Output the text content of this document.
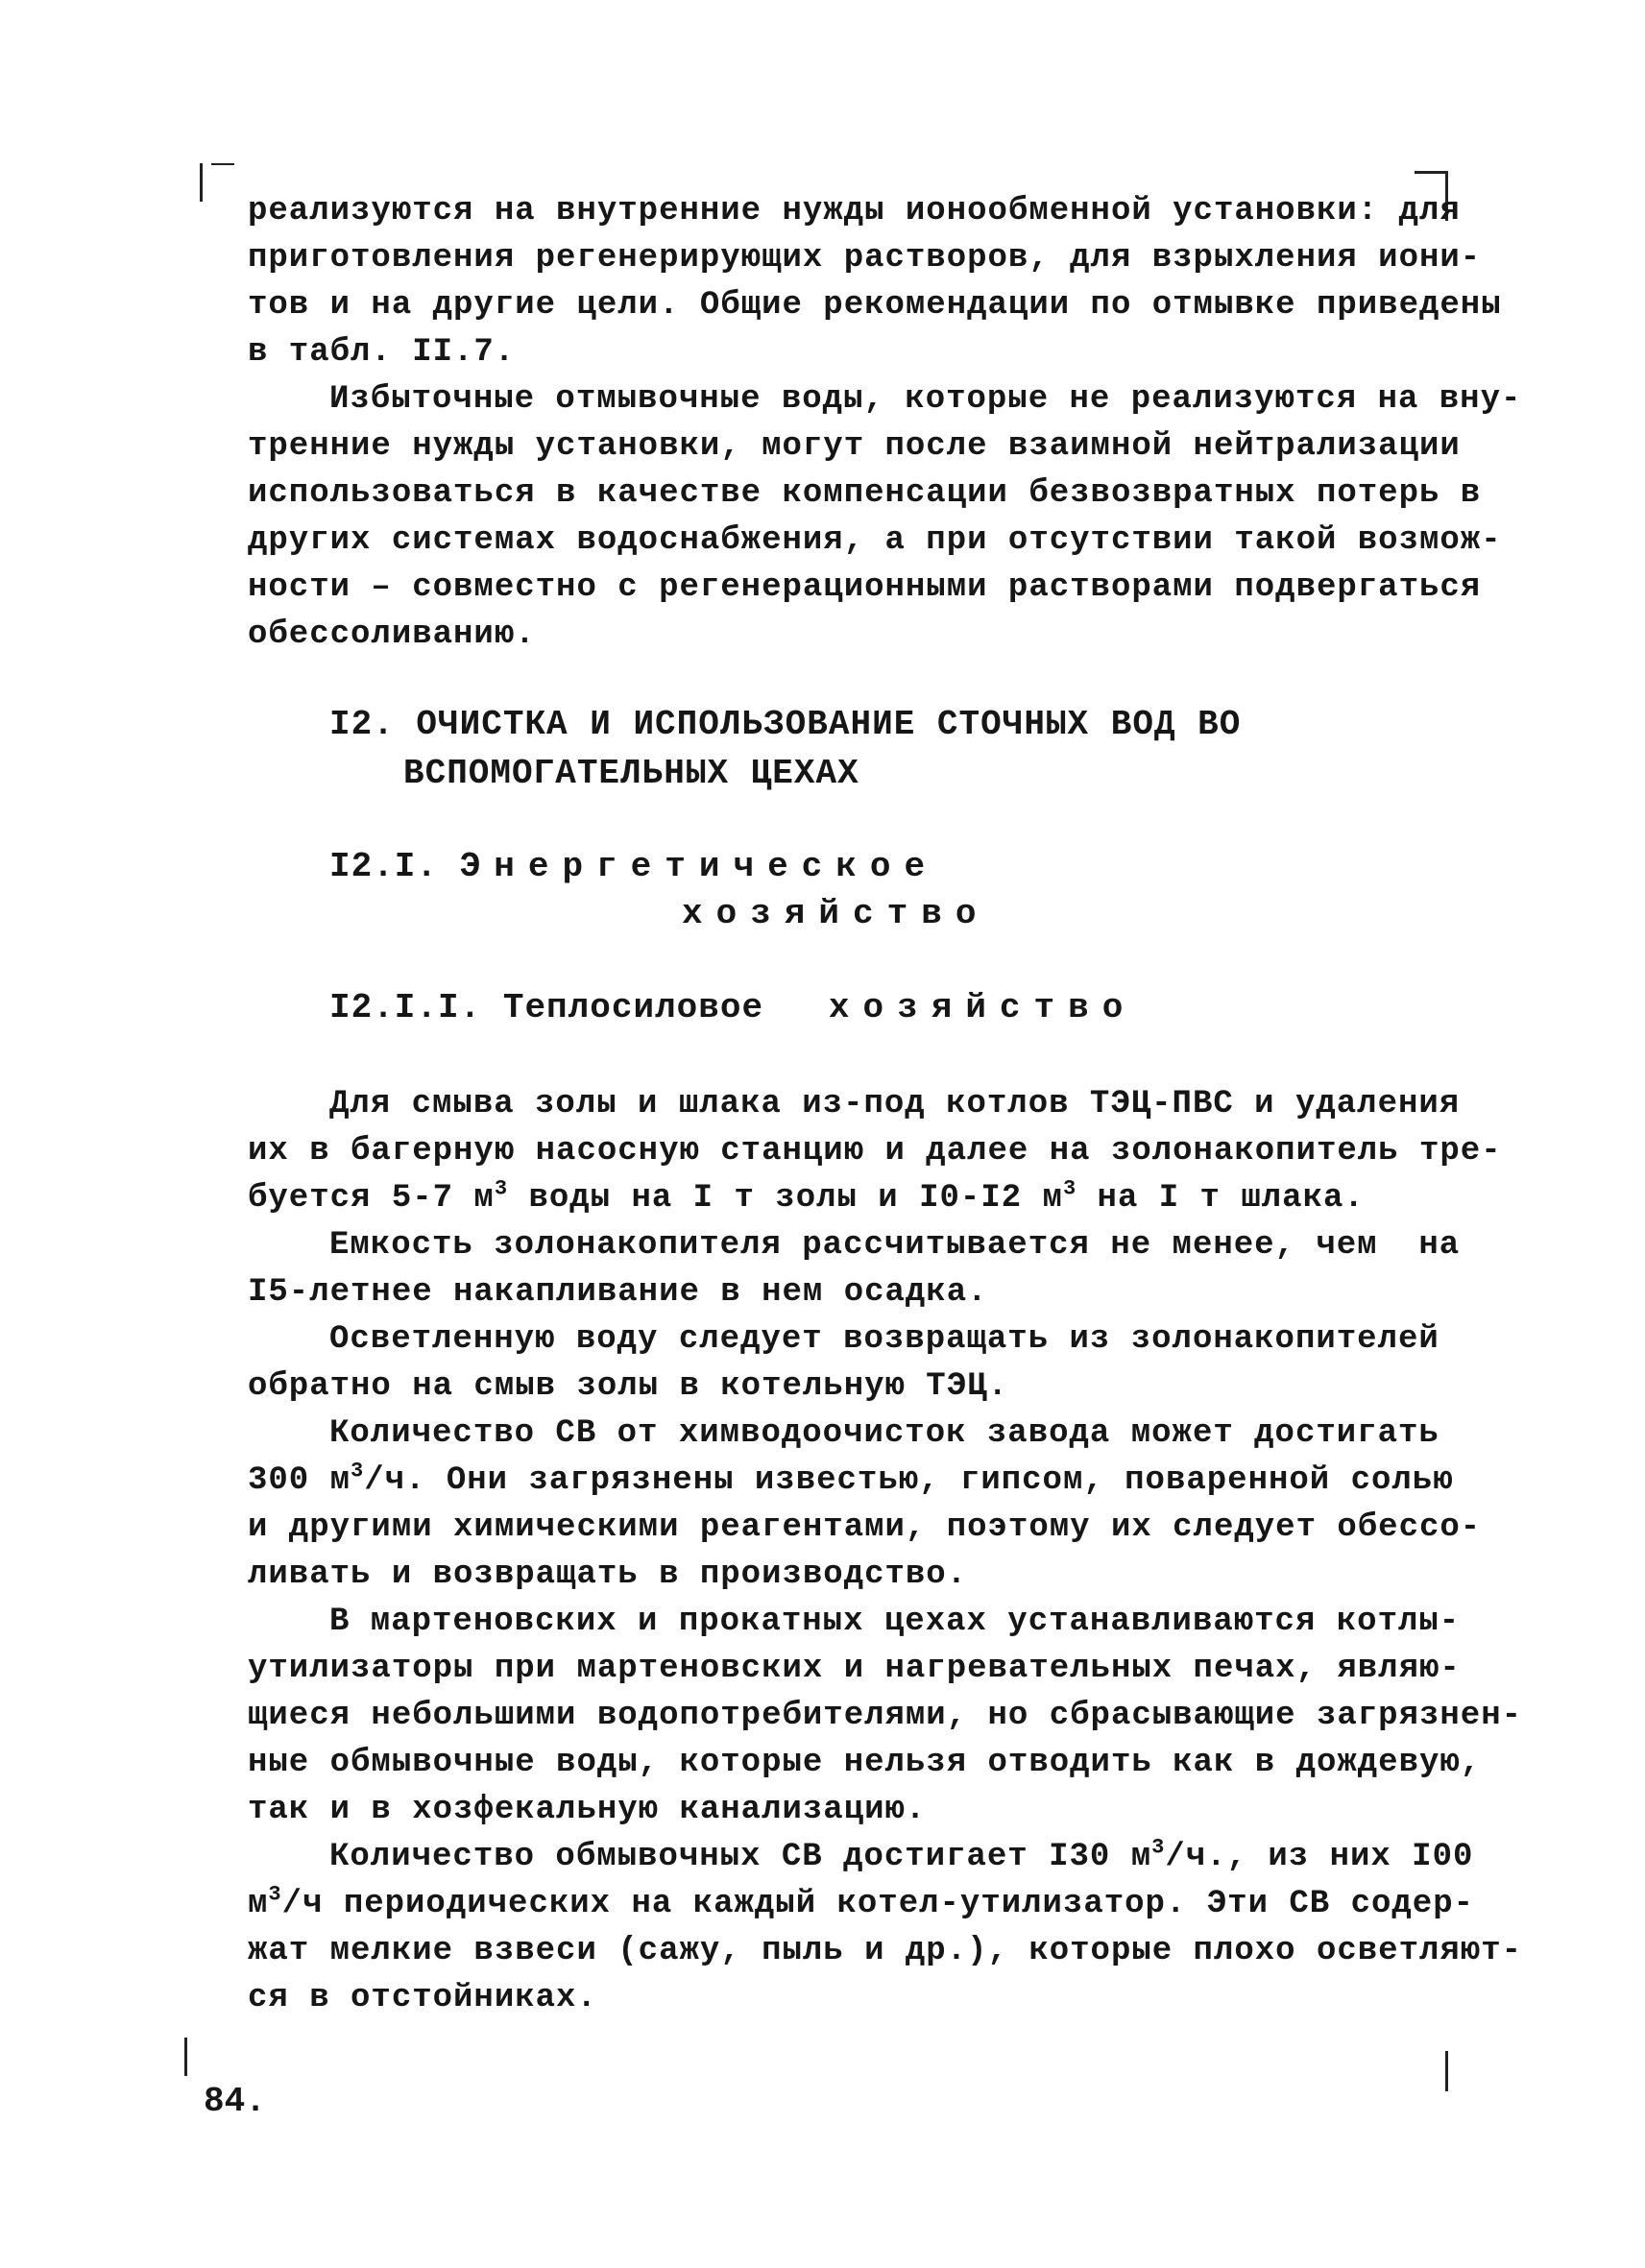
реализуются на внутренние нужды ионообменной установки: для
приготовления регенерирующих растворов, для взрыхления иони-
тов и на другие цели. Общие рекомендации по отмывке приведены
в табл. II.7.
Избыточные отмывочные воды, которые не реализуются на вну-
тренние нужды установки, могут после взаимной нейтрализации
использоваться в качестве компенсации безвозвратных потерь в
других системах водоснабжения, а при отсутствии такой возмож-
ности – совместно с регенерационными растворами подвергаться
обессоливанию.
I2. ОЧИСТКА И ИСПОЛЬЗОВАНИЕ СТОЧНЫХ ВОД ВО
ВСПОМОГАТЕЛЬНЫХ ЦЕХАХ
I2.I. Энергетическое
хозяйство
I2.I.I. Теплосиловое хозяйство
Для смыва золы и шлака из-под котлов ТЭЦ-ПВС и удаления
их в багерную насосную станцию и далее на золонакопитель тре-
буется 5-7 $м^3$ воды на I т золы и I0-I2 $м^3$ на I т шлака.
Емкость золонакопителя рассчитывается не менее, чем  на
I5-летнее накапливание в нем осадка.
Осветленную воду следует возвращать из золонакопителей
обратно на смыв золы в котельную ТЭЦ.
Количество СВ от химводоочисток завода может достигать
300 $м^3/ч$. Они загрязнены известью, гипсом, поваренной солью
и другими химическими реагентами, поэтому их следует обессо-
ливать и возвращать в производство.
В мартеновских и прокатных цехах устанавливаются котлы-
утилизаторы при мартеновских и нагревательных печах, являю-
щиеся небольшими водопотребителями, но сбрасывающие загрязнен-
ные обмывочные воды, которые нельзя отводить как в дождевую,
так и в хозфекальную канализацию.
Количество обмывочных СВ достигает I30 $м^3/ч$., из них I00
$м^3/ч$ периодических на каждый котел-утилизатор. Эти СВ содер-
жат мелкие взвеси (сажу, пыль и др.), которые плохо осветляют-
ся в отстойниках.
84.
